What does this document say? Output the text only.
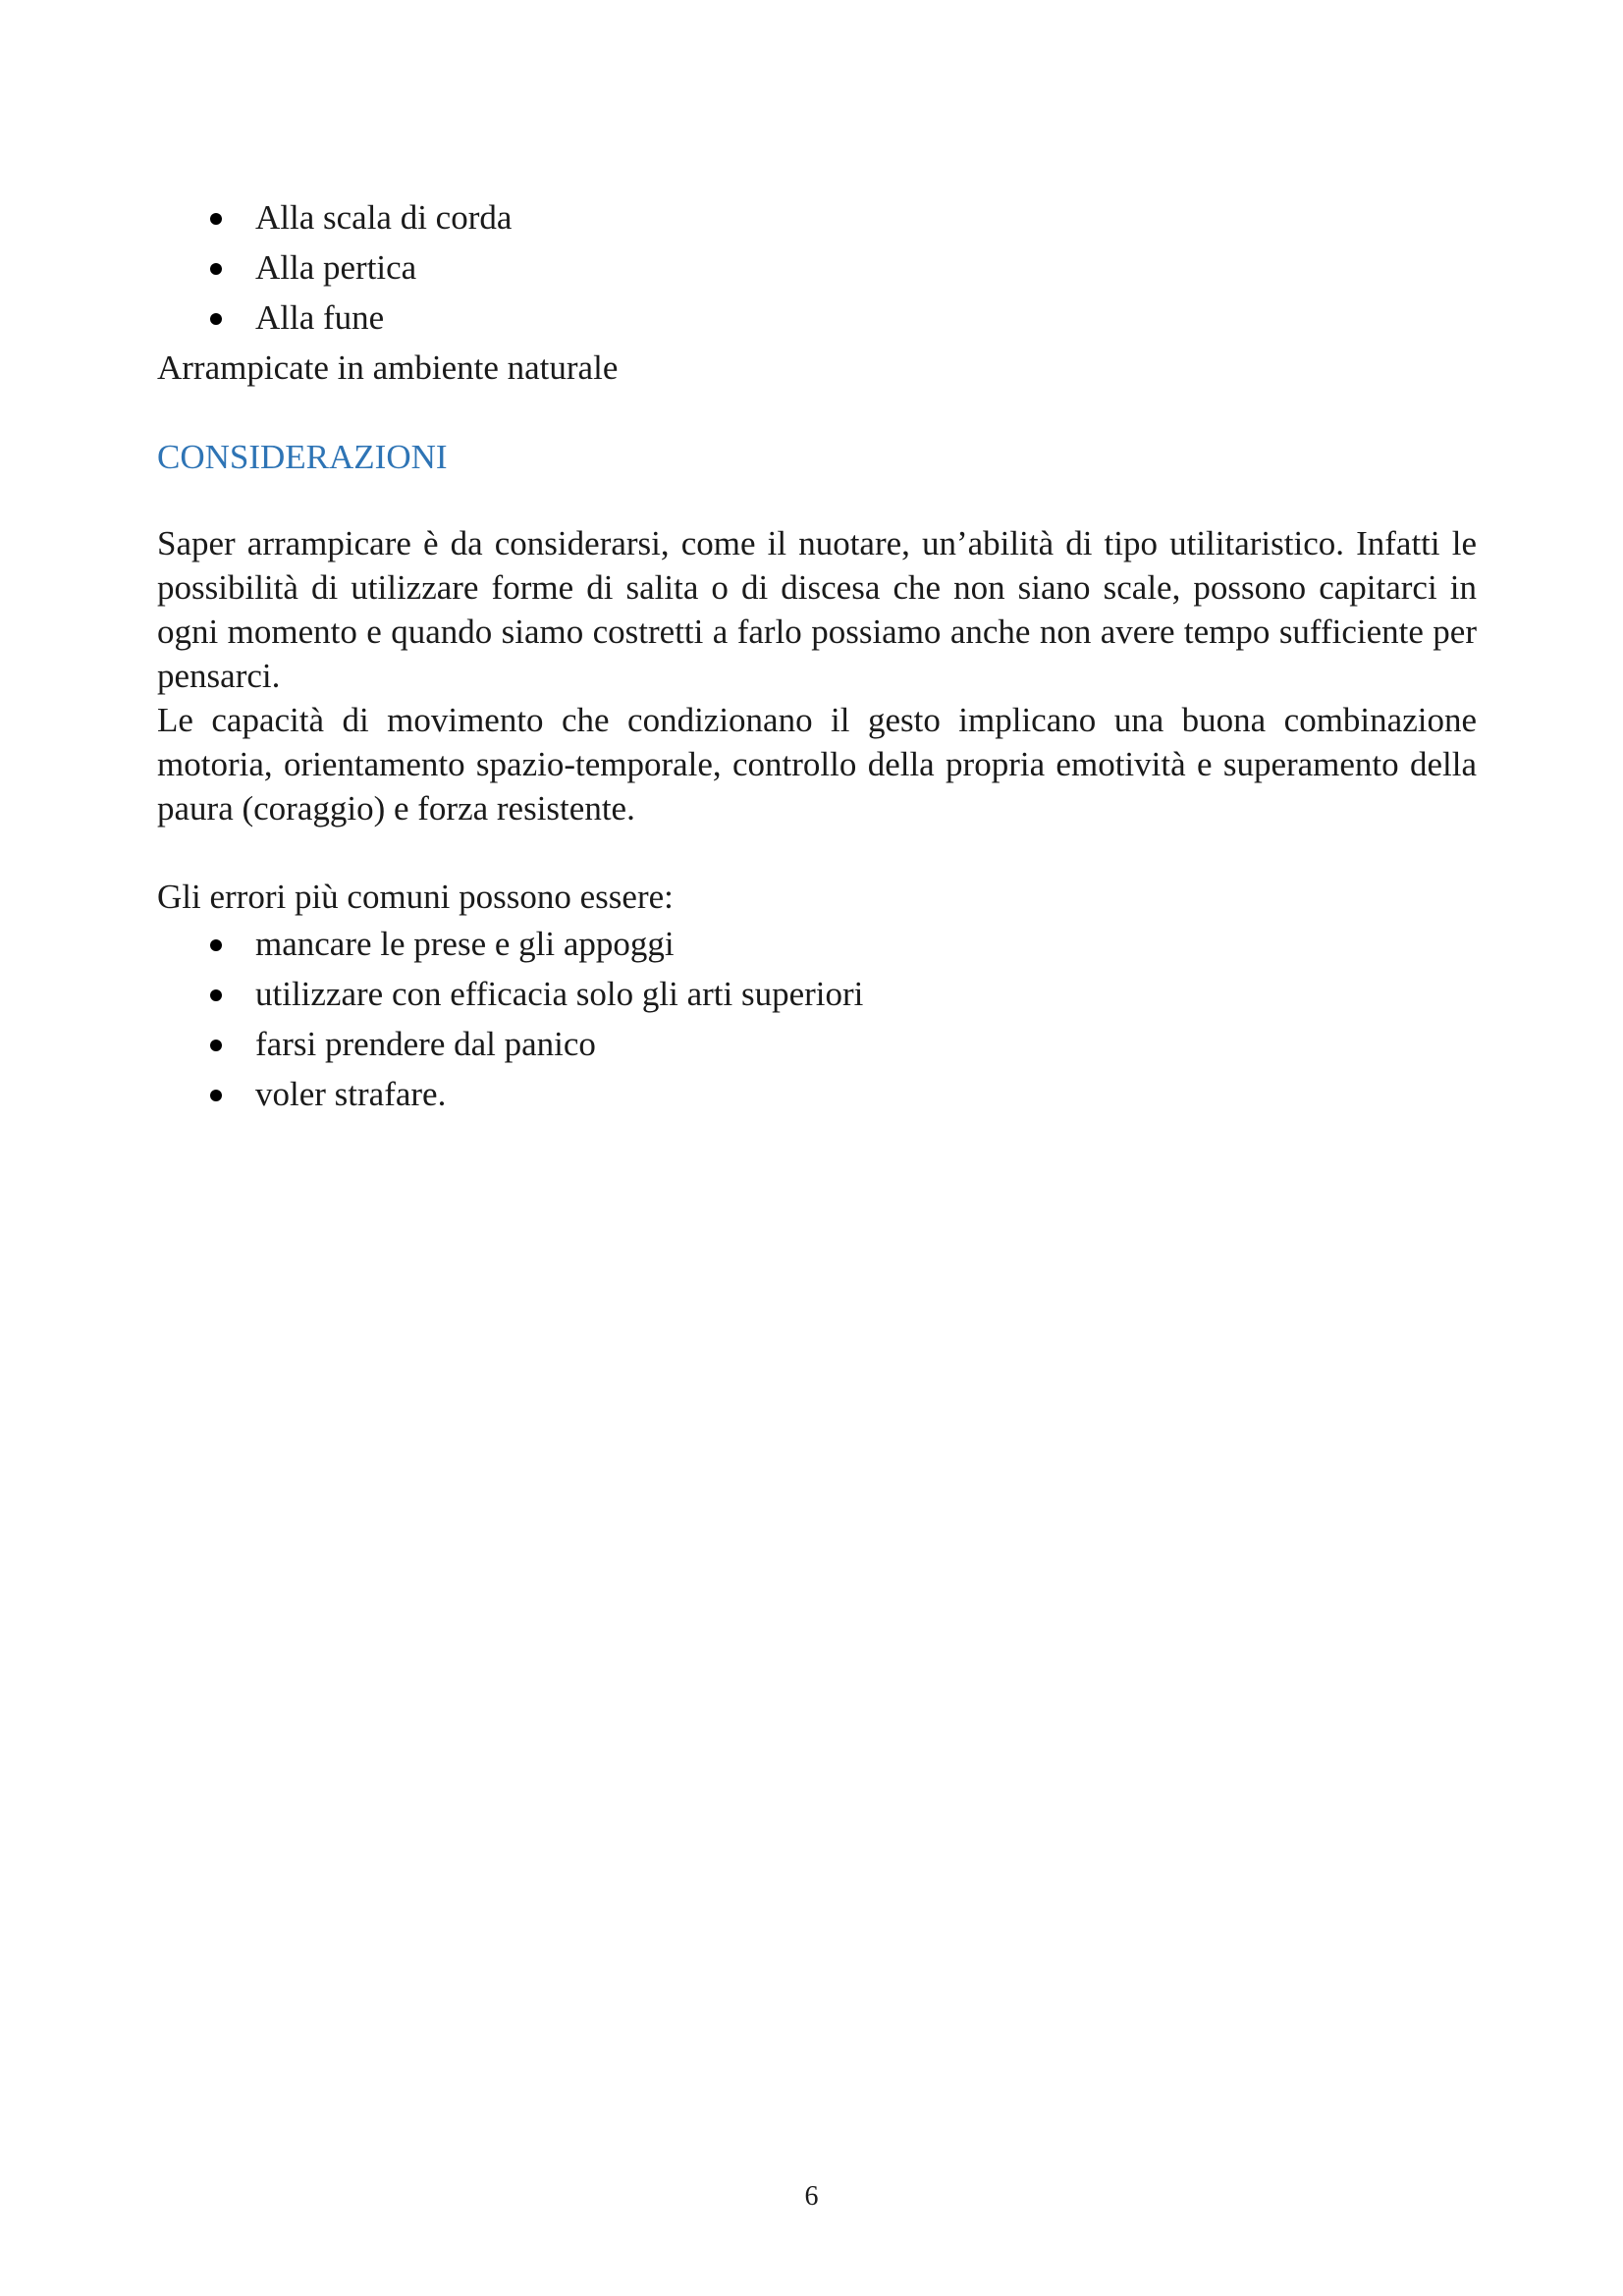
Alla scala di corda
Alla pertica
Alla fune
Arrampicate in ambiente naturale
CONSIDERAZIONI
Saper arrampicare è da considerarsi, come il nuotare, un’abilità di tipo utilitaristico. Infatti le possibilità di utilizzare forme di salita o di discesa che non siano scale, possono capitarci in ogni momento e quando siamo costretti a farlo possiamo anche non avere tempo sufficiente per pensarci.
Le capacità di movimento che condizionano il gesto implicano una buona combinazione motoria, orientamento spazio-temporale, controllo della propria emotività e superamento della paura (coraggio) e forza resistente.
Gli errori più comuni possono essere:
mancare le prese e gli appoggi
utilizzare con efficacia solo gli arti superiori
farsi prendere dal panico
voler strafare.
6
